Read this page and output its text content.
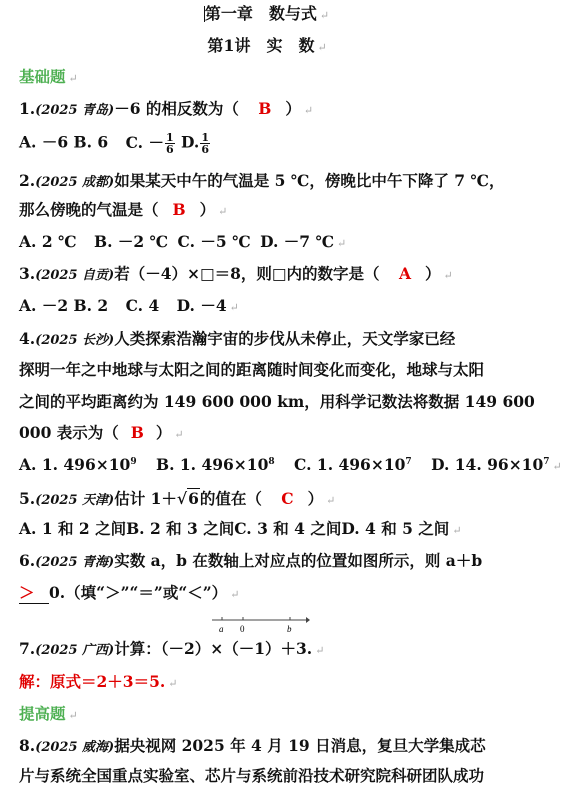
第一章　数与式 ↵
第1讲　实　数 ↵
基础题 ↵
1.(2025 青岛)－6 的相反数为（ B ） ↵
A. －6 B. 6 C. － $\frac{1}{6} D$. $\frac{1}{6}$
2.(2025 成都)如果某天中午的气温是 5 ℃，傍晚比中午下降了 7 ℃，
那么傍晚的气温是（ B ） ↵
A. 2 ℃ B. －2 ℃ C. －5 ℃ D. －7 ℃ ↵
3.(2025 自贡)若（－4）×□＝8，则□内的数字是（ A ） ↵
A. －2 B. 2 C. 4 D. －4 ↵
4.(2025 长沙)人类探索浩瀚宇宙的步伐从未停止，天文学家已经
探明一年之中地球与太阳之间的距离随时间变化而变化，地球与太阳
之间的平均距离约为 149 600 000 km，用科学记数法将数据 149 600
000 表示为（ B ） ↵
A. 1. $496\times 10^9$ B. 1. $496\times 10^8$ C. 1. $496\times 10^7$ D. 14. $96\times 10^7$ ↵
5.(2025 天津)估计 1＋√6的值在（ C ） ↵
A. 1 和 2 之间B. 2 和 3 之间C. 3 和 4 之间D. 4 和 5 之间 ↵
6.(2025 青海)实数 a，b 在数轴上对应点的位置如图所示，则 a＋b
＞ 0.（填“＞”“＝”或“＜”） ↵
a 0	b
7.(2025 广西)计算：（－2）×（－1）＋3. ↵
解：原式＝2＋3＝5. ↵
提高题 ↵
8.(2025 威海)据央视网 2025 年 4 月 19 日消息，复旦大学集成芯
片与系统全国重点实验室、芯片与系统前沿技术研究院科研团队成功
